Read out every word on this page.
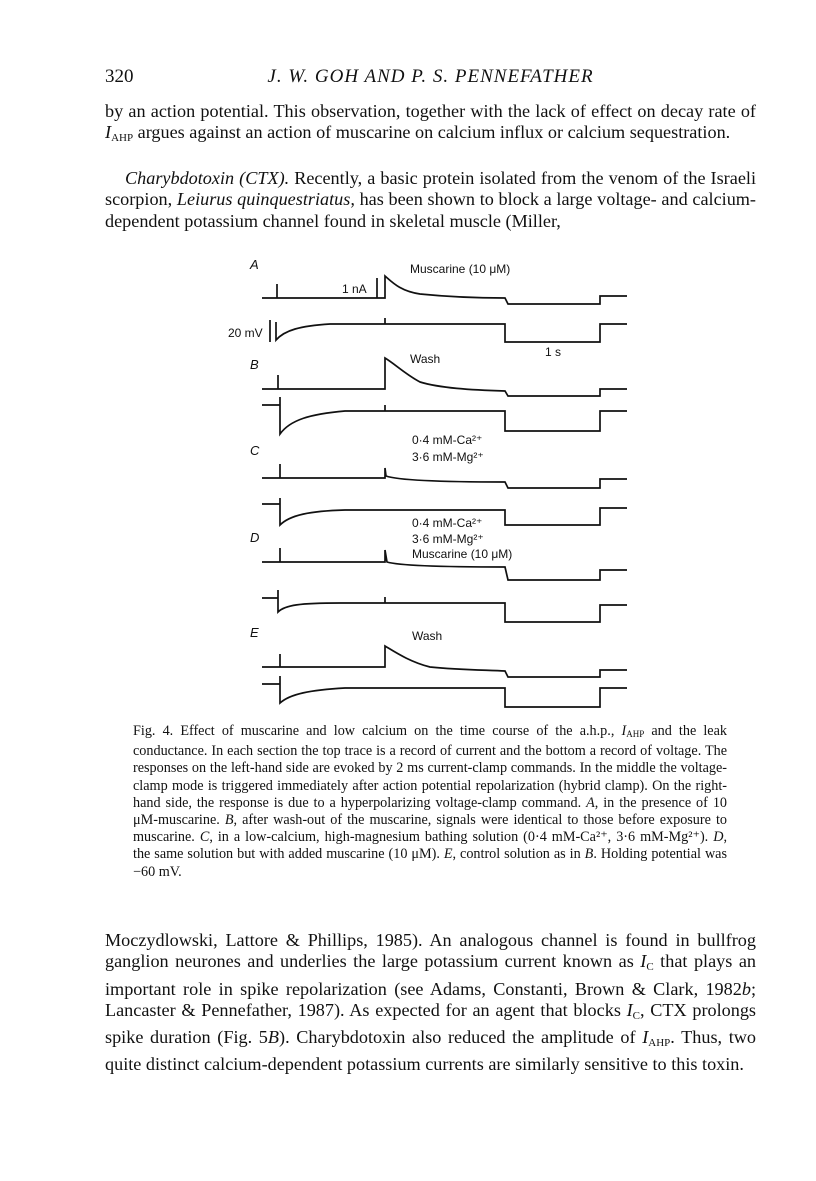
320	J. W. GOH AND P. S. PENNEFATHER

by an action potential. This observation, together with the lack of effect on decay rate of IAHP argues against an action of muscarine on calcium influx or calcium sequestration.

Charybdotoxin (CTX). Recently, a basic protein isolated from the venom of the Israeli scorpion, Leiurus quinquestriatus, has been shown to block a large voltage- and calcium-dependent potassium channel found in skeletal muscle (Miller,

A
B
C
D
E
Muscarine (10 μM)
Wash
0·4 mM-Ca²⁺
3·6 mM-Mg²⁺
0·4 mM-Ca²⁺
3·6 mM-Mg²⁺
Muscarine (10 μM)
Wash
1 nA
20 mV
1 s

Fig. 4. Effect of muscarine and low calcium on the time course of the a.h.p., $I_{AHP}$ and the leak conductance. In each section the top trace is a record of current and the bottom a record of voltage. The responses on the left-hand side are evoked by 2 ms current-clamp commands. In the middle the voltage-clamp mode is triggered immediately after action potential repolarization (hybrid clamp). On the right-hand side, the response is due to a hyperpolarizing voltage-clamp command. A, in the presence of 10 μM-muscarine. B, after wash-out of the muscarine, signals were identical to those before exposure to muscarine. C, in a low-calcium, high-magnesium bathing solution (0·4 mM-Ca²⁺, 3·6 mM-Mg²⁺). D, the same solution but with added muscarine (10 μM). E, control solution as in B. Holding potential was −60 mV.

Moczydlowski, Lattore & Phillips, 1985). An analogous channel is found in bullfrog ganglion neurones and underlies the large potassium current known as IC that plays an important role in spike repolarization (see Adams, Constanti, Brown & Clark, 1982b; Lancaster & Pennefather, 1987). As expected for an agent that blocks IC, CTX prolongs spike duration (Fig. 5B). Charybdotoxin also reduced the amplitude of IAHP. Thus, two quite distinct calcium-dependent potassium currents are similarly sensitive to this toxin.
